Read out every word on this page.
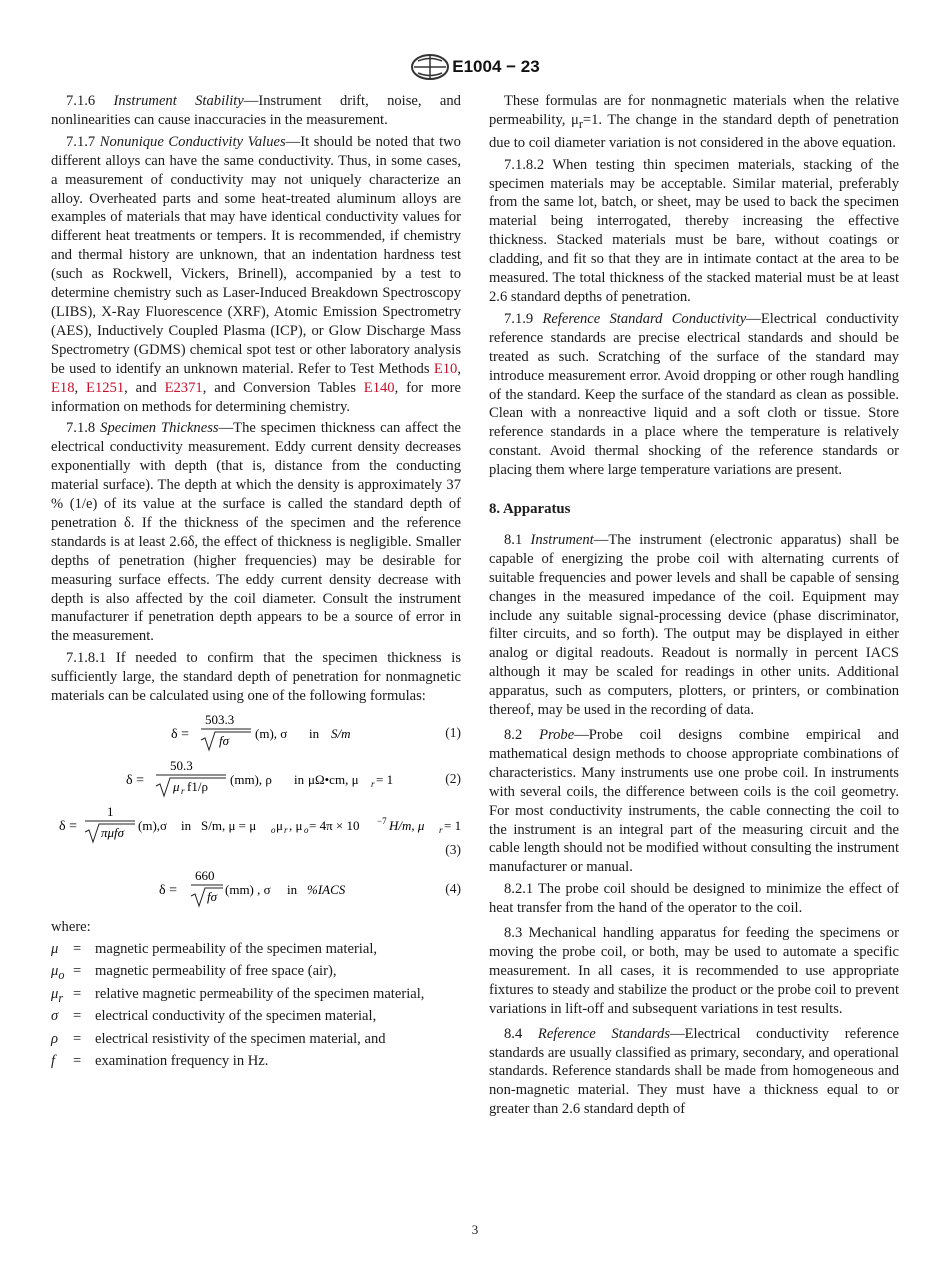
E1004 − 23

7.1.6 Instrument Stability—Instrument drift, noise, and nonlinearities can cause inaccuracies in the measurement.

7.1.7 Nonunique Conductivity Values—It should be noted that two different alloys can have the same conductivity. Thus, in some cases, a measurement of conductivity may not uniquely characterize an alloy. Overheated parts and some heat-treated aluminum alloys are examples of materials that may have identical conductivity values for different heat treatments or tempers. It is recommended, if chemistry and thermal history are unknown, that an indentation hardness test (such as Rockwell, Vickers, Brinell), accompanied by a test to determine chemistry such as Laser-Induced Breakdown Spectroscopy (LIBS), X-Ray Fluorescence (XRF), Atomic Emission Spectrometry (AES), Inductively Coupled Plasma (ICP), or Glow Discharge Mass Spectrometry (GDMS) chemical spot test or other laboratory analysis be used to identify an unknown material. Refer to Test Methods E10, E18, E1251, and E2371, and Conversion Tables E140, for more information on methods for determining chemistry.

7.1.8 Specimen Thickness—The specimen thickness can affect the electrical conductivity measurement. Eddy current density decreases exponentially with depth (that is, distance from the conducting material surface). The depth at which the density is approximately 37 % (1/e) of its value at the surface is called the standard depth of penetration δ. If the thickness of the specimen and the reference standards is at least 2.6δ, the effect of thickness is negligible. Smaller depths of penetration (higher frequencies) may be desirable for measuring surface effects. The eddy current density decrease with depth is also affected by the coil diameter. Consult the instrument manufacturer if penetration depth appears to be a source of error in the measurement.

7.1.8.1 If needed to confirm that the specimen thickness is sufficiently large, the standard depth of penetration for nonmagnetic materials can be calculated using one of the following formulas:

δ =
503.3
fσ (m), σ in S/m	(1)
δ =
50.3
μ r f1/ρ (mm), ρ in μΩ•cm, μ r = 1	(2)
δ =
1
πμfσ (m),σ in S/m, μ = μ o μ r , μ o = 4π × 10 −7 H/m, μ r = 1
(3)
δ =
660
fσ (mm) , σ in %IACS	(4)

where:

μ	=	magnetic permeability of the specimen material,
$\mu_o$	=	magnetic permeability of free space (air),
$\mu_r$	=	relative magnetic permeability of the specimen material,
σ	=	electrical conductivity of the specimen material,
ρ	=	electrical resistivity of the specimen material, and
f	=	examination frequency in Hz.

These formulas are for nonmagnetic materials when the relative permeability, $\mu_r=1$. The change in the standard depth of penetration due to coil diameter variation is not considered in the above equation.

7.1.8.2 When testing thin specimen materials, stacking of the specimen materials may be acceptable. Similar material, preferably from the same lot, batch, or sheet, may be used to back the specimen material being interrogated, thereby increasing the effective thickness. Stacked materials must be bare, without coatings or cladding, and fit so that they are in intimate contact at the area to be measured. The total thickness of the stacked material must be at least 2.6 standard depths of penetration.

7.1.9 Reference Standard Conductivity—Electrical conductivity reference standards are precise electrical standards and should be treated as such. Scratching of the surface of the standard may introduce measurement error. Avoid dropping or other rough handling of the standard. Keep the surface of the standard as clean as possible. Clean with a nonreactive liquid and a soft cloth or tissue. Store reference standards in a place where the temperature is relatively constant. Avoid thermal shocking of the reference standards or placing them where large temperature variations are present.

8. Apparatus

8.1 Instrument—The instrument (electronic apparatus) shall be capable of energizing the probe coil with alternating currents of suitable frequencies and power levels and shall be capable of sensing changes in the measured impedance of the coil. Equipment may include any suitable signal-processing device (phase discriminator, filter circuits, and so forth). The output may be displayed in either analog or digital readouts. Readout is normally in percent IACS although it may be scaled for readings in other units. Additional apparatus, such as computers, plotters, or printers, or combination thereof, may be used in the recording of data.

8.2 Probe—Probe coil designs combine empirical and mathematical design methods to choose appropriate combinations of characteristics. Many instruments use one probe coil. In instruments with several coils, the difference between coils is the coil geometry. For most conductivity instruments, the cable connecting the coil to the instrument is an integral part of the measuring circuit and the cable length should not be modified without consulting the instrument manufacturer or manual.

8.2.1 The probe coil should be designed to minimize the effect of heat transfer from the hand of the operator to the coil.

8.3 Mechanical handling apparatus for feeding the specimens or moving the probe coil, or both, may be used to automate a specific measurement. In all cases, it is recommended to use appropriate fixtures to steady and stabilize the product or the probe coil to prevent variations in lift-off and subsequent variations in test results.

8.4 Reference Standards—Electrical conductivity reference standards are usually classified as primary, secondary, and operational standards. Reference standards shall be made from homogeneous and non-magnetic material. They must have a thickness equal to or greater than 2.6 standard depth of

3
